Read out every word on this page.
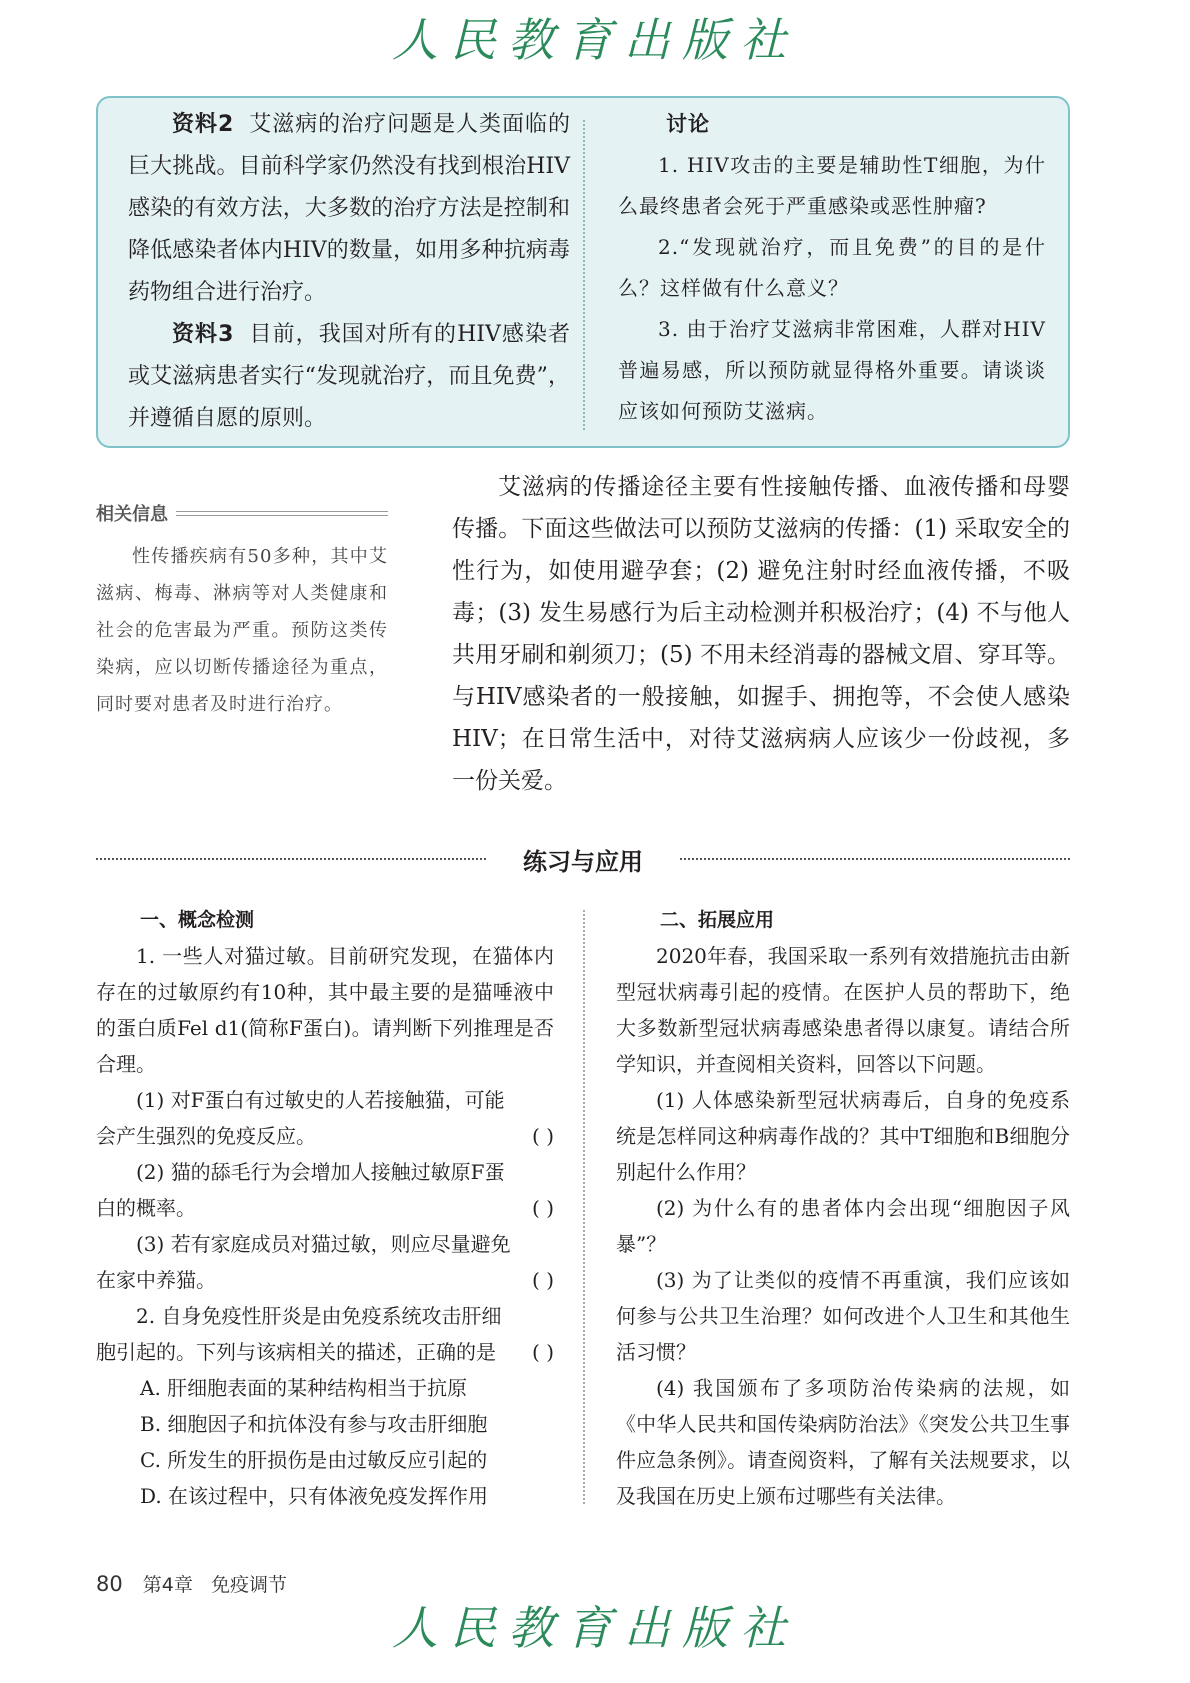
人民教育出版社

资料2 艾滋病的治疗问题是人类面临的巨大挑战。目前科学家仍然没有找到根治HIV感染的有效方法，大多数的治疗方法是控制和降低感染者体内HIV的数量，如用多种抗病毒药物组合进行治疗。

资料3 目前，我国对所有的HIV感染者或艾滋病患者实行“发现就治疗，而且免费”，并遵循自愿的原则。

讨论

1. HIV攻击的主要是辅助性T细胞，为什么最终患者会死于严重感染或恶性肿瘤?

2.“发现就治疗，而且免费”的目的是什么？这样做有什么意义？

3. 由于治疗艾滋病非常困难，人群对HIV普遍易感，所以预防就显得格外重要。请谈谈应该如何预防艾滋病。

相关信息

性传播疾病有50多种，其中艾滋病、梅毒、淋病等对人类健康和社会的危害最为严重。预防这类传染病，应以切断传播途径为重点，同时要对患者及时进行治疗。

艾滋病的传播途径主要有性接触传播、血液传播和母婴传播。下面这些做法可以预防艾滋病的传播：(1) 采取安全的性行为，如使用避孕套；(2) 避免注射时经血液传播，不吸毒；(3) 发生易感行为后主动检测并积极治疗；(4) 不与他人共用牙刷和剃须刀；(5) 不用未经消毒的器械文眉、穿耳等。与HIV感染者的一般接触，如握手、拥抱等，不会使人感染HIV；在日常生活中，对待艾滋病病人应该少一份歧视，多一份关爱。

练习与应用
一、概念检测

1. 一些人对猫过敏。目前研究发现，在猫体内存在的过敏原约有10种，其中最主要的是猫唾液中的蛋白质Fel d1(简称F蛋白)。请判断下列推理是否合理。

(1) 对F蛋白有过敏史的人若接触猫，可能

会产生强烈的免疫反应。	( )

(2) 猫的舔毛行为会增加人接触过敏原F蛋

白的概率。	( )

(3) 若有家庭成员对猫过敏，则应尽量避免

在家中养猫。	( )

2. 自身免疫性肝炎是由免疫系统攻击肝细

胞引起的。下列与该病相关的描述，正确的是 ( )

A. 肝细胞表面的某种结构相当于抗原

B. 细胞因子和抗体没有参与攻击肝细胞

C. 所发生的肝损伤是由过敏反应引起的

D. 在该过程中，只有体液免疫发挥作用

二、拓展应用

2020年春，我国采取一系列有效措施抗击由新型冠状病毒引起的疫情。在医护人员的帮助下，绝大多数新型冠状病毒感染患者得以康复。请结合所学知识，并查阅相关资料，回答以下问题。

(1) 人体感染新型冠状病毒后，自身的免疫系统是怎样同这种病毒作战的？其中T细胞和B细胞分别起什么作用？

(2) 为什么有的患者体内会出现“细胞因子风暴”？

(3) 为了让类似的疫情不再重演，我们应该如何参与公共卫生治理？如何改进个人卫生和其他生活习惯？

(4) 我国颁布了多项防治传染病的法规，如《中华人民共和国传染病防治法》《突发公共卫生事件应急条例》。请查阅资料，了解有关法规要求，以及我国在历史上颁布过哪些有关法律。

80 第4章 免疫调节
人民教育出版社
